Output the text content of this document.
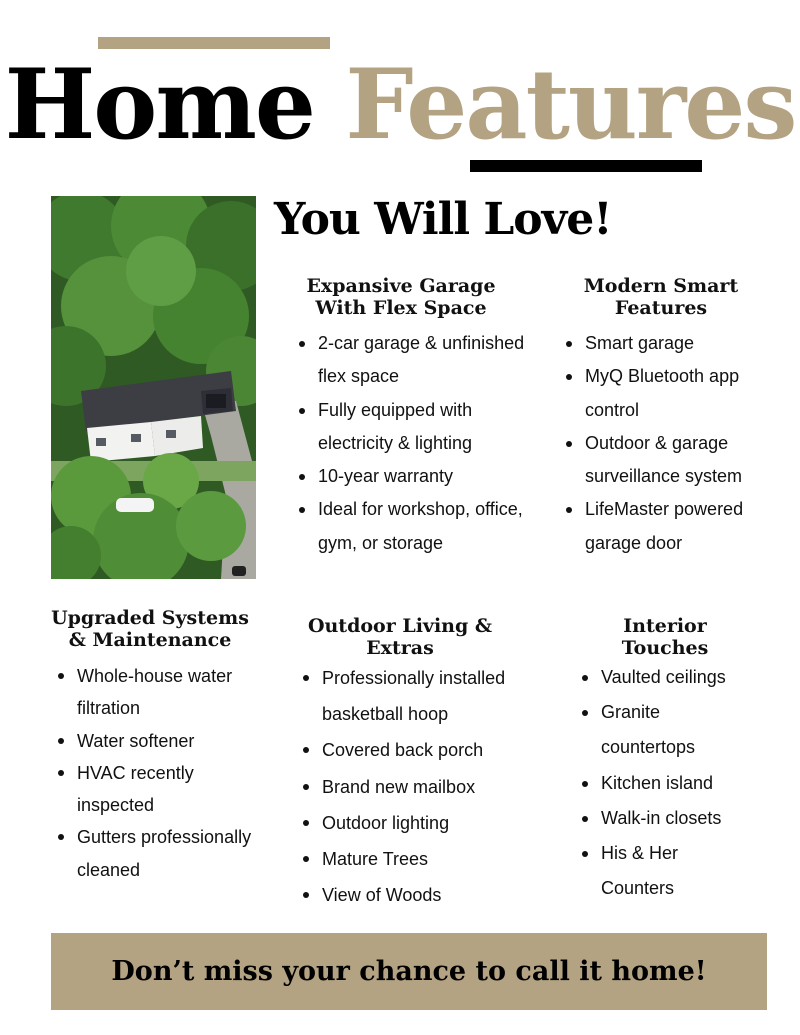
Home Features
You Will Love!
Expansive Garage
With Flex Space
2-car garage & unfinished flex space
Fully equipped with electricity & lighting
10-year warranty
Ideal for workshop, office, gym, or storage
Modern Smart
Features
Smart garage
MyQ Bluetooth app control
Outdoor & garage surveillance system
LifeMaster powered garage door
Upgraded Systems
& Maintenance
Whole-house water filtration
Water softener
HVAC recently inspected
Gutters professionally cleaned
Outdoor Living &
Extras
Professionally installed basketball hoop
Covered back porch
Brand new mailbox
Outdoor lighting
Mature Trees
View of Woods
Interior
Touches
Vaulted ceilings
Granite countertops
Kitchen island
Walk-in closets
His & Her Counters
Don’t miss your chance to call it home!
